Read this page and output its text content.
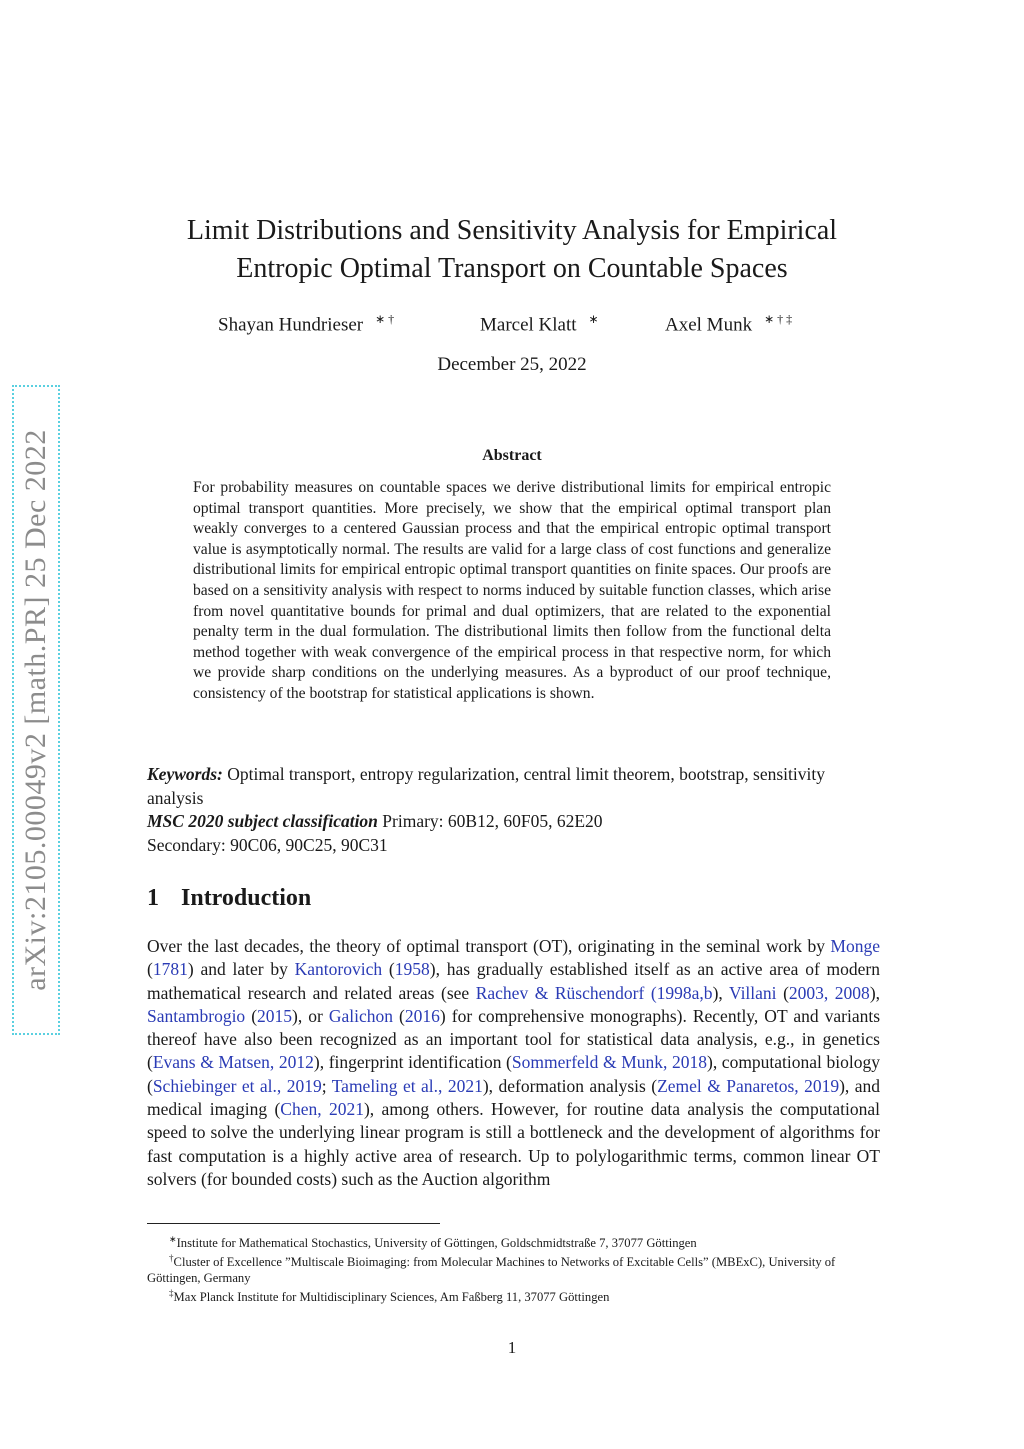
arXiv:2105.00049v2 [math.PR] 25 Dec 2022
Limit Distributions and Sensitivity Analysis for Empirical
Entropic Optimal Transport on Countable Spaces
Shayan Hundrieser ∗ †	Marcel Klatt ∗	Axel Munk ∗ † ‡
December 25, 2022
Abstract
For probability measures on countable spaces we derive distributional limits for empirical entropic optimal transport quantities. More precisely, we show that the empirical optimal transport plan weakly converges to a centered Gaussian process and that the empirical entropic optimal transport value is asymptotically normal. The results are valid for a large class of cost functions and generalize distributional limits for empirical entropic optimal transport quantities on finite spaces. Our proofs are based on a sensitivity analysis with respect to norms induced by suitable function classes, which arise from novel quantitative bounds for primal and dual optimizers, that are related to the exponential penalty term in the dual formulation. The distributional limits then follow from the functional delta method together with weak convergence of the empirical process in that respective norm, for which we provide sharp conditions on the underlying measures. As a byproduct of our proof technique, consistency of the bootstrap for statistical applications is shown.
Keywords: Optimal transport, entropy regularization, central limit theorem, bootstrap, sensitivity analysis
MSC 2020 subject classification Primary: 60B12, 60F05, 62E20
Secondary: 90C06, 90C25, 90C31
1 Introduction
Over the last decades, the theory of optimal transport (OT), originating in the seminal work by Monge (1781) and later by Kantorovich (1958), has gradually established itself as an active area of modern mathematical research and related areas (see Rachev & Rüschendorf (1998a,b), Villani (2003, 2008), Santambrogio (2015), or Galichon (2016) for comprehensive monographs). Recently, OT and variants thereof have also been recognized as an important tool for statistical data analysis, e.g., in genetics (Evans & Matsen, 2012), fingerprint identification (Sommerfeld & Munk, 2018), computational biology (Schiebinger et al., 2019; Tameling et al., 2021), deformation analysis (Zemel & Panaretos, 2019), and medical imaging (Chen, 2021), among others. However, for routine data analysis the computational speed to solve the underlying linear program is still a bottleneck and the development of algorithms for fast computation is a highly active area of research. Up to polylogarithmic terms, common linear OT solvers (for bounded costs) such as the Auction algorithm
∗Institute for Mathematical Stochastics, University of Göttingen, Goldschmidtstraße 7, 37077 Göttingen
†Cluster of Excellence ”Multiscale Bioimaging: from Molecular Machines to Networks of Excitable Cells” (MBExC), University of Göttingen, Germany
‡Max Planck Institute for Multidisciplinary Sciences, Am Faßberg 11, 37077 Göttingen
1
